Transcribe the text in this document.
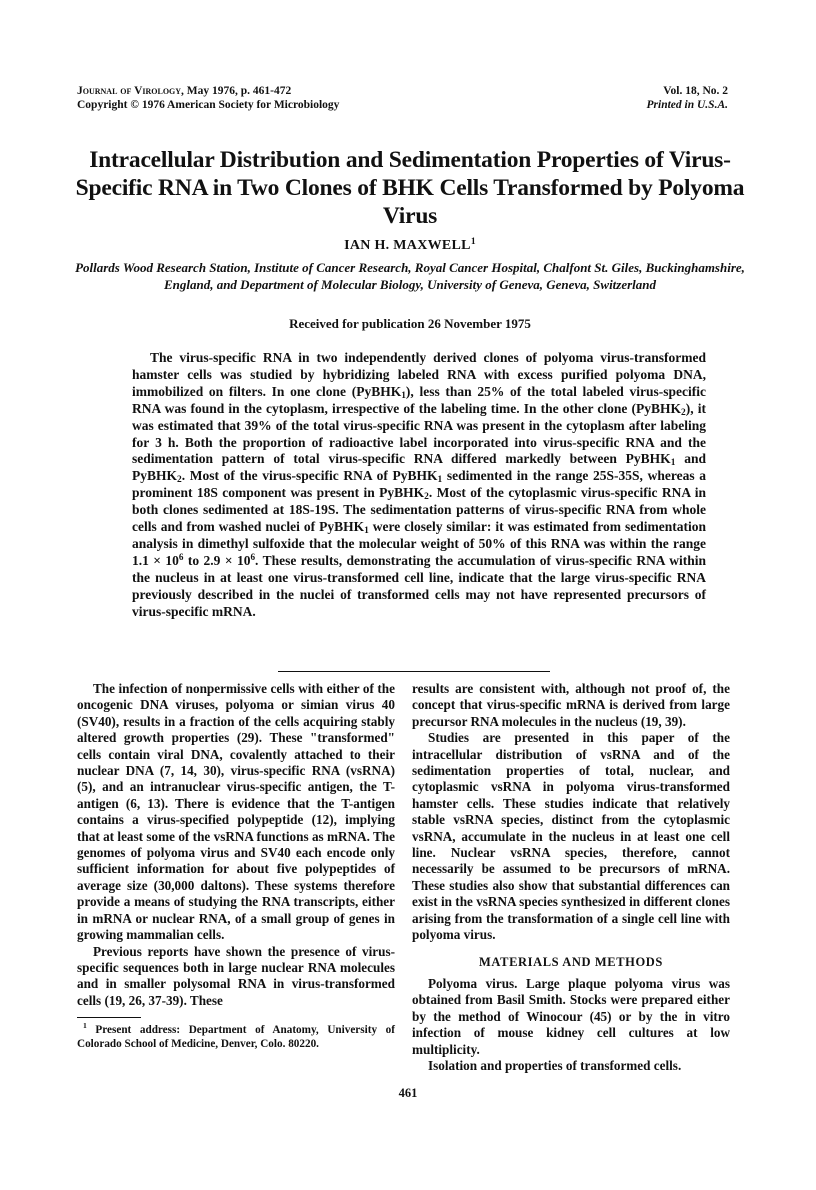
Journal of Virology, May 1976, p. 461-472
Copyright © 1976 American Society for Microbiology
Vol. 18, No. 2
Printed in U.S.A.
Intracellular Distribution and Sedimentation Properties of Virus-Specific RNA in Two Clones of BHK Cells Transformed by Polyoma Virus
IAN H. MAXWELL$^1$
Pollards Wood Research Station, Institute of Cancer Research, Royal Cancer Hospital, Chalfont St. Giles, Buckinghamshire, England, and Department of Molecular Biology, University of Geneva, Geneva, Switzerland
Received for publication 26 November 1975

The virus-specific RNA in two independently derived clones of polyoma virus-transformed hamster cells was studied by hybridizing labeled RNA with excess purified polyoma DNA, immobilized on filters. In one clone (PyBHK$_1$), less than 25% of the total labeled virus-specific RNA was found in the cytoplasm, irrespective of the labeling time. In the other clone (PyBHK$_2$), it was estimated that 39% of the total virus-specific RNA was present in the cytoplasm after labeling for 3 h. Both the proportion of radioactive label incorporated into virus-specific RNA and the sedimentation pattern of total virus-specific RNA differed markedly between PyBHK$_1$ and PyBHK$_2$. Most of the virus-specific RNA of PyBHK$_1$ sedimented in the range 25S-35S, whereas a prominent 18S component was present in PyBHK$_2$. Most of the cytoplasmic virus-specific RNA in both clones sedimented at 18S-19S. The sedimentation patterns of virus-specific RNA from whole cells and from washed nuclei of PyBHK$_1$ were closely similar: it was estimated from sedimentation analysis in dimethyl sulfoxide that the molecular weight of 50% of this RNA was within the range $1.1 \times 10^6$ to $2.9 \times 10^6$. These results, demonstrating the accumulation of virus-specific RNA within the nucleus in at least one virus-transformed cell line, indicate that the large virus-specific RNA previously described in the nuclei of transformed cells may not have represented precursors of virus-specific mRNA.

The infection of nonpermissive cells with either of the oncogenic DNA viruses, polyoma or simian virus 40 (SV40), results in a fraction of the cells acquiring stably altered growth properties (29). These "transformed" cells contain viral DNA, covalently attached to their nuclear DNA (7, 14, 30), virus-specific RNA (vsRNA) (5), and an intranuclear virus-specific antigen, the T-antigen (6, 13). There is evidence that the T-antigen contains a virus-specified polypeptide (12), implying that at least some of the vsRNA functions as mRNA. The genomes of polyoma virus and SV40 each encode only sufficient information for about five polypeptides of average size (30,000 daltons). These systems therefore provide a means of studying the RNA transcripts, either in mRNA or nuclear RNA, of a small group of genes in growing mammalian cells.

Previous reports have shown the presence of virus-specific sequences both in large nuclear RNA molecules and in smaller polysomal RNA in virus-transformed cells (19, 26, 37-39). These

$^1$ Present address: Department of Anatomy, University of Colorado School of Medicine, Denver, Colo. 80220.

results are consistent with, although not proof of, the concept that virus-specific mRNA is derived from large precursor RNA molecules in the nucleus (19, 39).

Studies are presented in this paper of the intracellular distribution of vsRNA and of the sedimentation properties of total, nuclear, and cytoplasmic vsRNA in polyoma virus-transformed hamster cells. These studies indicate that relatively stable vsRNA species, distinct from the cytoplasmic vsRNA, accumulate in the nucleus in at least one cell line. Nuclear vsRNA species, therefore, cannot necessarily be assumed to be precursors of mRNA. These studies also show that substantial differences can exist in the vsRNA species synthesized in different clones arising from the transformation of a single cell line with polyoma virus.

MATERIALS AND METHODS

Polyoma virus. Large plaque polyoma virus was obtained from Basil Smith. Stocks were prepared either by the method of Winocour (45) or by the in vitro infection of mouse kidney cell cultures at low multiplicity.

Isolation and properties of transformed cells.

461
